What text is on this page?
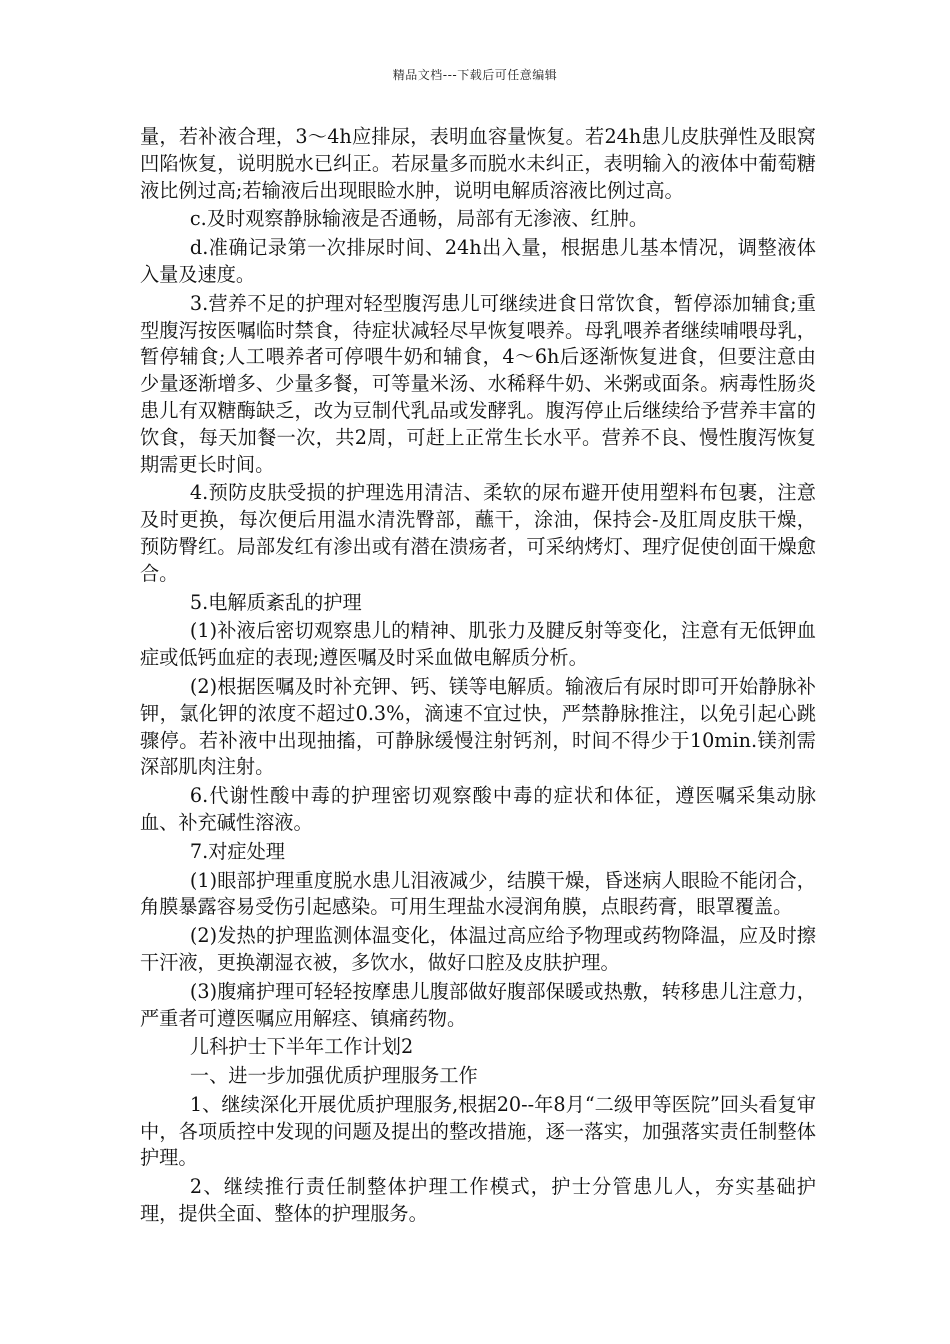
精品文档---下载后可任意编辑

量，若补液合理，3～4h应排尿，表明血容量恢复。若24h患儿皮肤弹性及眼窝凹陷恢复，说明脱水已纠正。若尿量多而脱水未纠正，表明输入的液体中葡萄糖液比例过高;若输液后出现眼睑水肿，说明电解质溶液比例过高。

c.及时观察静脉输液是否通畅，局部有无渗液、红肿。

d.准确记录第一次排尿时间、24h出入量，根据患儿基本情况，调整液体入量及速度。

3.营养不足的护理对轻型腹泻患儿可继续进食日常饮食，暂停添加辅食;重型腹泻按医嘱临时禁食，待症状减轻尽早恢复喂养。母乳喂养者继续哺喂母乳，暂停辅食;人工喂养者可停喂牛奶和辅食，4～6h后逐渐恢复进食，但要注意由少量逐渐增多、少量多餐，可等量米汤、水稀释牛奶、米粥或面条。病毒性肠炎患儿有双糖酶缺乏，改为豆制代乳品或发酵乳。腹泻停止后继续给予营养丰富的饮食，每天加餐一次，共2周，可赶上正常生长水平。营养不良、慢性腹泻恢复期需更长时间。

4.预防皮肤受损的护理选用清洁、柔软的尿布避开使用塑料布包裹，注意及时更换，每次便后用温水清洗臀部，蘸干，涂油，保持会-及肛周皮肤干燥，预防臀红。局部发红有渗出或有潜在溃疡者，可采纳烤灯、理疗促使创面干燥愈合。

5.电解质紊乱的护理

(1)补液后密切观察患儿的精神、肌张力及腱反射等变化，注意有无低钾血症或低钙血症的表现;遵医嘱及时采血做电解质分析。

(2)根据医嘱及时补充钾、钙、镁等电解质。输液后有尿时即可开始静脉补钾，氯化钾的浓度不超过0.3%，滴速不宜过快，严禁静脉推注，以免引起心跳骤停。若补液中出现抽搐，可静脉缓慢注射钙剂，时间不得少于10min.镁剂需深部肌肉注射。

6.代谢性酸中毒的护理密切观察酸中毒的症状和体征，遵医嘱采集动脉血、补充碱性溶液。

7.对症处理

(1)眼部护理重度脱水患儿泪液减少，结膜干燥，昏迷病人眼睑不能闭合，角膜暴露容易受伤引起感染。可用生理盐水浸润角膜，点眼药膏，眼罩覆盖。

(2)发热的护理监测体温变化，体温过高应给予物理或药物降温，应及时擦干汗液，更换潮湿衣被，多饮水，做好口腔及皮肤护理。

(3)腹痛护理可轻轻按摩患儿腹部做好腹部保暖或热敷，转移患儿注意力，严重者可遵医嘱应用解痉、镇痛药物。

儿科护士下半年工作计划2

一、进一步加强优质护理服务工作

1、继续深化开展优质护理服务,根据20--年8月“二级甲等医院”回头看复审中，各项质控中发现的问题及提出的整改措施，逐一落实，加强落实责任制整体护理。

2、继续推行责任制整体护理工作模式，护士分管患儿人，夯实基础护理，提供全面、整体的护理服务。
